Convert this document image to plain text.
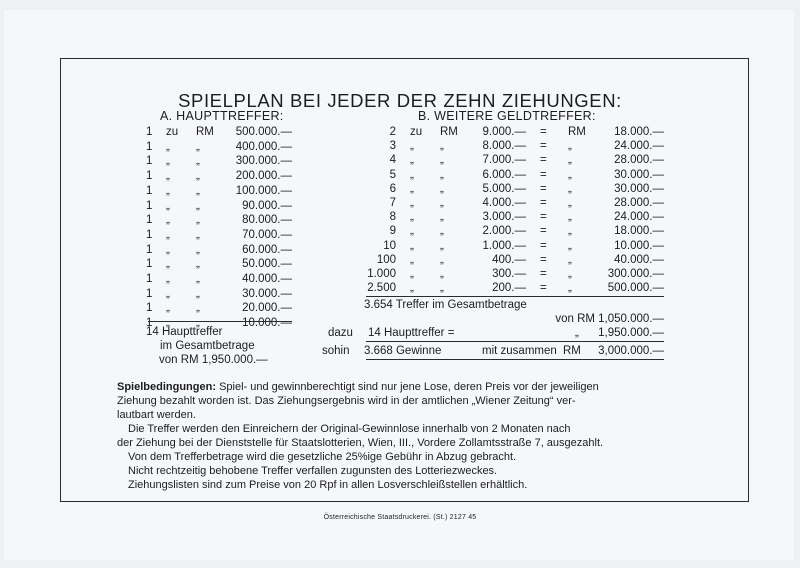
SPIELPLAN BEI JEDER DER ZEHN ZIEHUNGEN:
A. HAUPTTREFFER:	B. WEITERE GELDTREFFER:
1	zu	RM	500.000.—
1	„	„	400.000.—
1	„	„	300.000.—
1	„	„	200.000.—
1	„	„	100.000.—
1	„	„	90.000.—
1	„	„	80.000.—
1	„	„	70.000.—
1	„	„	60.000.—
1	„	„	50.000.—
1	„	„	40.000.—
1	„	„	30.000.—
1	„	„	20.000.—
1	„	„	10.000.—
2 zu	RM	9.000.— =	RM	18.000.—
3 „	„	8.000.— =	„	24.000.—
4 „	„	7.000.— =	„	28.000.—
5 „	„	6.000.— =	„	30.000.—
6 „	„	5.000.— =	„	30.000.—
7 „	„	4.000.— =	„	28.000.—
8 „	„	3.000.— =	„	24.000.—
9 „	„	2.000.— =	„	18.000.—
10 „	„	1.000.— =	„	10.000.—
100 „	„	400.— =	„	40.000.—
1.000 „	„	300.— =	„	300.000.—
2.500 „	„	200.— =	„	500.000.—
14 Haupttreffer
im Gesamtbetrage
von RM 1,950.000.—
3.654 Treffer im Gesamtbetrage
von RM 1,050.000.—
dazu 14 Haupttreffer =	„	1,950.000.—
sohin 3.668 Gewinne	mit zusammen RM	3,000.000.—
Spielbedingungen: Spiel- und gewinnberechtigt sind nur jene Lose, deren Preis vor der jeweiligen
Ziehung bezahlt worden ist. Das Ziehungsergebnis wird in der amtlichen „Wiener Zeitung“ ver-
lautbart werden.
Die Treffer werden den Einreichern der Original-Gewinnlose innerhalb von 2 Monaten nach
der Ziehung bei der Dienststelle für Staatslotterien, Wien, III., Vordere Zollamtsstraße 7, ausgezahlt.
Von dem Trefferbetrage wird die gesetzliche 25%ige Gebühr in Abzug gebracht.
Nicht rechtzeitig behobene Treffer verfallen zugunsten des Lotteriezweckes.
Ziehungslisten sind zum Preise von 20 Rpf in allen Losverschleißstellen erhältlich.
Österreichische Staatsdruckerei. (St.) 2127 45
